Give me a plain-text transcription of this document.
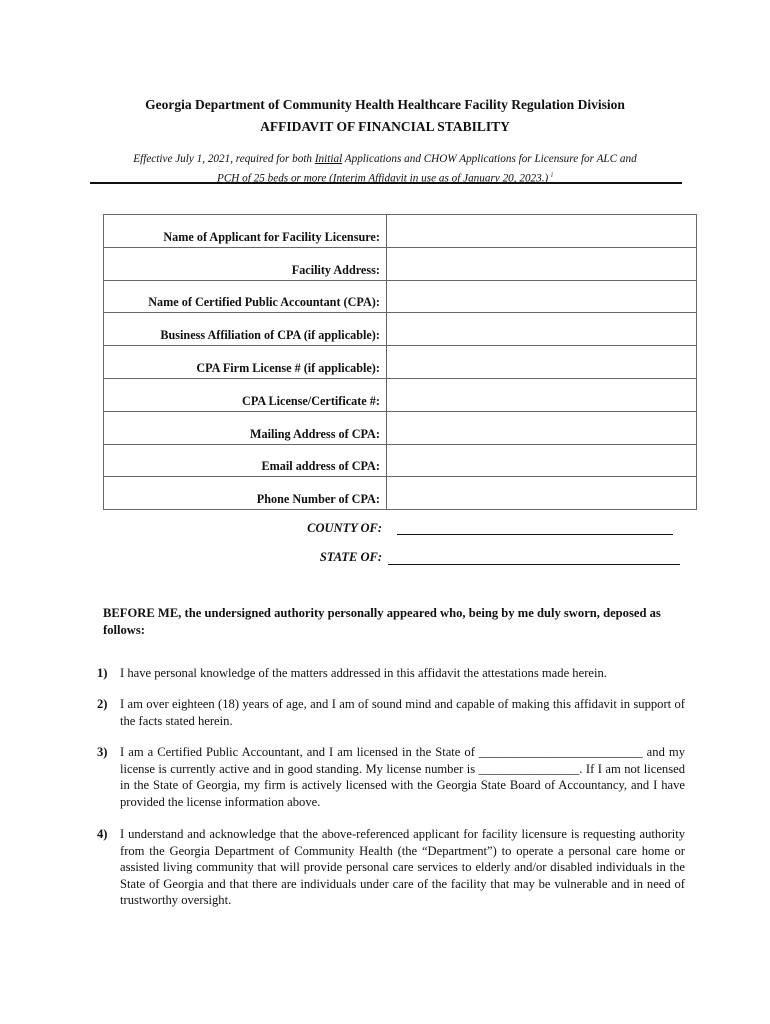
Georgia Department of Community Health Healthcare Facility Regulation Division
AFFIDAVIT OF FINANCIAL STABILITY
Effective July 1, 2021, required for both Initial Applications and CHOW Applications for Licensure for ALC and
PCH of 25 beds or more (Interim Affidavit in use as of January 20, 2023.) $^i$
Name of Applicant for Facility Licensure:	
Facility Address:	
Name of Certified Public Accountant (CPA):	
Business Affiliation of CPA (if applicable):	
CPA Firm License # (if applicable):	
CPA License/Certificate #:	
Mailing Address of CPA:	
Email address of CPA:	
Phone Number of CPA:	
COUNTY OF:
STATE OF:
BEFORE ME, the undersigned authority personally appeared who, being by me duly sworn, deposed as follows:
1) I have personal knowledge of the matters addressed in this affidavit the attestations made herein.
2) I am over eighteen (18) years of age, and I am of sound mind and capable of making this affidavit in support of the facts stated herein.
3) I am a Certified Public Accountant, and I am licensed in the State of __________________________ and my license is currently active and in good standing. My license number is ________________. If I am not licensed in the State of Georgia, my firm is actively licensed with the Georgia State Board of Accountancy, and I have provided the license information above.
4) I understand and acknowledge that the above-referenced applicant for facility licensure is requesting authority from the Georgia Department of Community Health (the “Department”) to operate a personal care home or assisted living community that will provide personal care services to elderly and/or disabled individuals in the State of Georgia and that there are individuals under care of the facility that may be vulnerable and in need of trustworthy oversight.
